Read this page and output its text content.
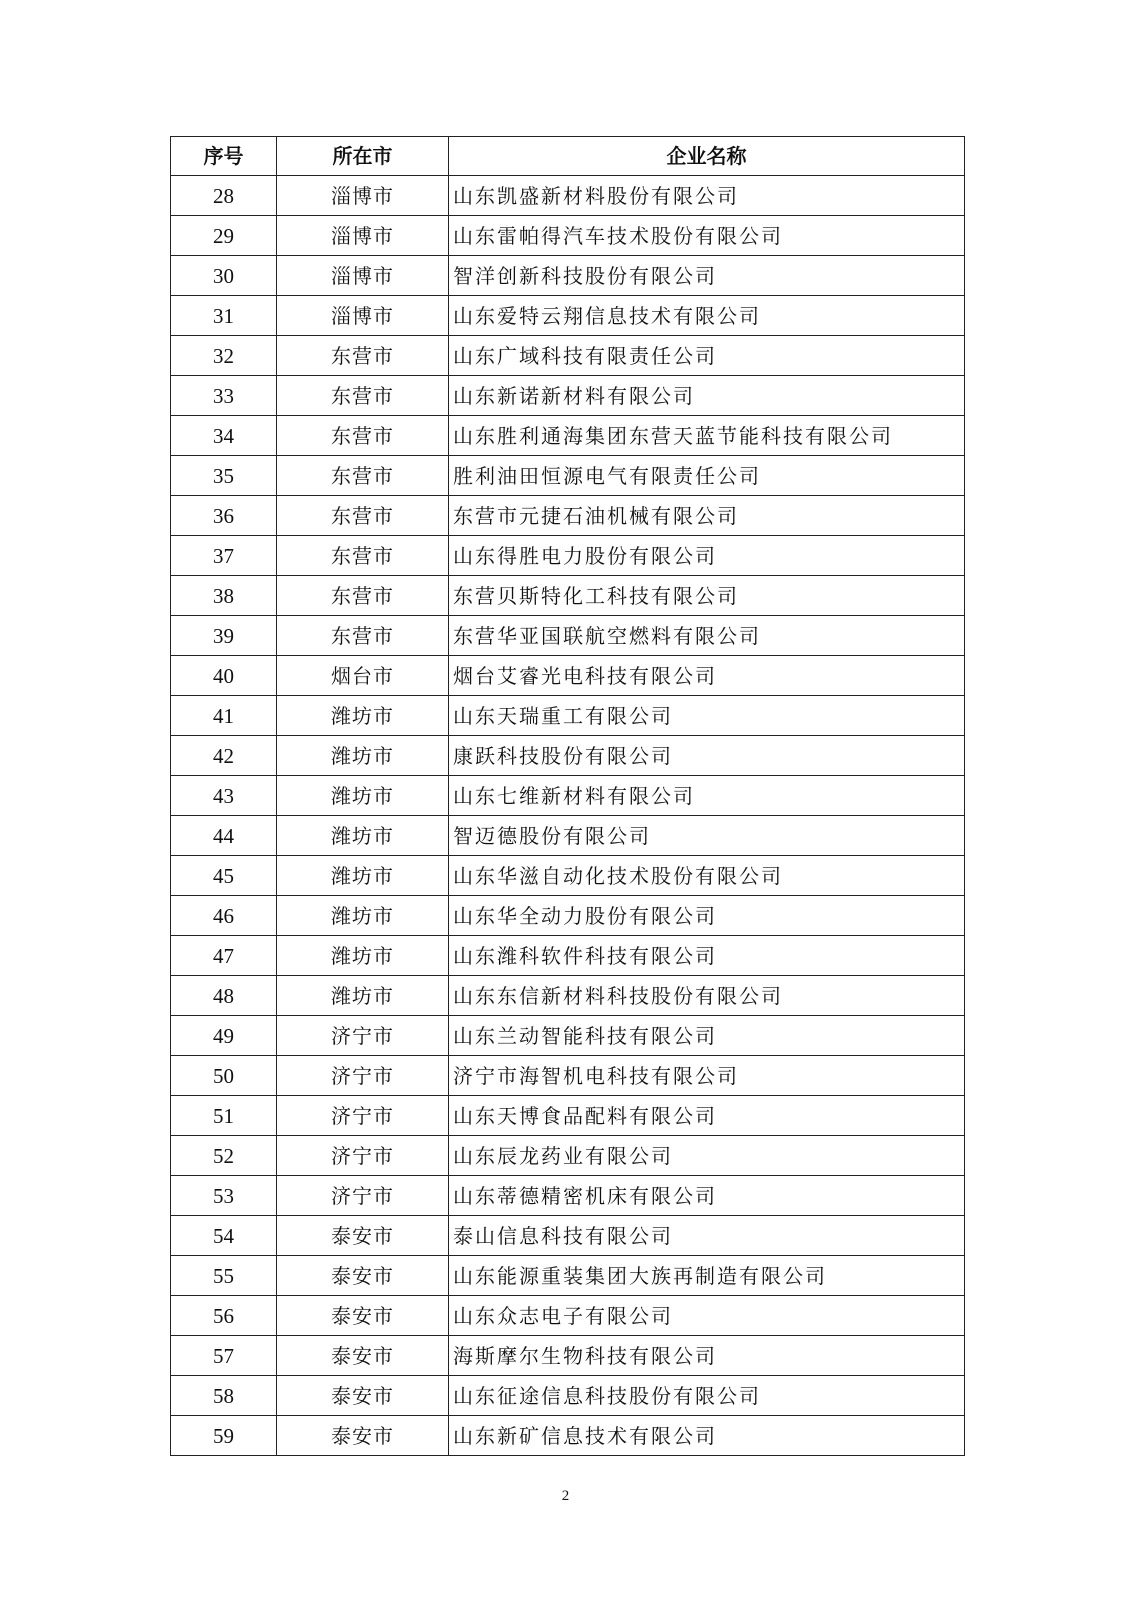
序号	所在市	企业名称
28	淄博市	山东凯盛新材料股份有限公司
29	淄博市	山东雷帕得汽车技术股份有限公司
30	淄博市	智洋创新科技股份有限公司
31	淄博市	山东爱特云翔信息技术有限公司
32	东营市	山东广域科技有限责任公司
33	东营市	山东新诺新材料有限公司
34	东营市	山东胜利通海集团东营天蓝节能科技有限公司
35	东营市	胜利油田恒源电气有限责任公司
36	东营市	东营市元捷石油机械有限公司
37	东营市	山东得胜电力股份有限公司
38	东营市	东营贝斯特化工科技有限公司
39	东营市	东营华亚国联航空燃料有限公司
40	烟台市	烟台艾睿光电科技有限公司
41	潍坊市	山东天瑞重工有限公司
42	潍坊市	康跃科技股份有限公司
43	潍坊市	山东七维新材料有限公司
44	潍坊市	智迈德股份有限公司
45	潍坊市	山东华滋自动化技术股份有限公司
46	潍坊市	山东华全动力股份有限公司
47	潍坊市	山东潍科软件科技有限公司
48	潍坊市	山东东信新材料科技股份有限公司
49	济宁市	山东兰动智能科技有限公司
50	济宁市	济宁市海智机电科技有限公司
51	济宁市	山东天博食品配料有限公司
52	济宁市	山东辰龙药业有限公司
53	济宁市	山东蒂德精密机床有限公司
54	泰安市	泰山信息科技有限公司
55	泰安市	山东能源重装集团大族再制造有限公司
56	泰安市	山东众志电子有限公司
57	泰安市	海斯摩尔生物科技有限公司
58	泰安市	山东征途信息科技股份有限公司
59	泰安市	山东新矿信息技术有限公司
2
